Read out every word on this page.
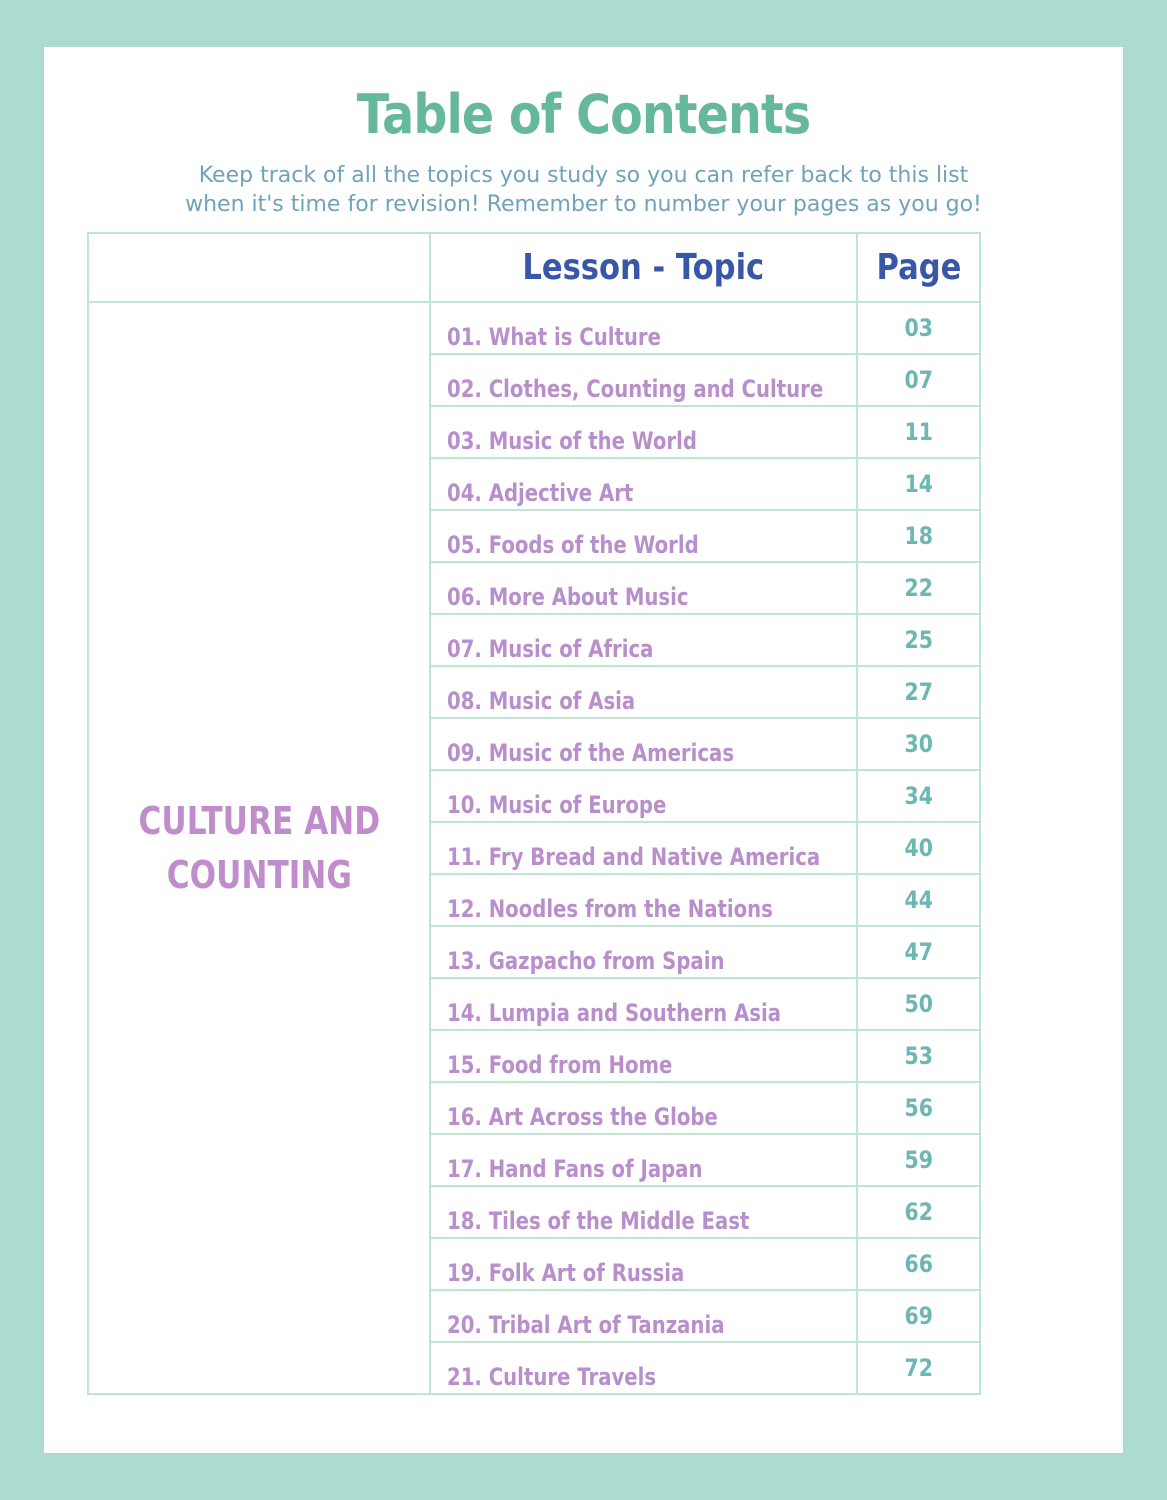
Table of Contents

Keep track of all the topics you study so you can refer back to this list
when it's time for revision! Remember to number your pages as you go!

	Lesson - Topic	Page
CULTURE AND
COUNTING	01. What is Culture	03
	02. Clothes, Counting and Culture	07
	03. Music of the World	11
	04. Adjective Art	14
	05. Foods of the World	18
	06. More About Music	22
	07. Music of Africa	25
	08. Music of Asia	27
	09. Music of the Americas	30
	10. Music of Europe	34
	11. Fry Bread and Native America	40
	12. Noodles from the Nations	44
	13. Gazpacho from Spain	47
	14. Lumpia and Southern Asia	50
	15. Food from Home	53
	16. Art Across the Globe	56
	17. Hand Fans of Japan	59
	18. Tiles of the Middle East	62
	19. Folk Art of Russia	66
	20. Tribal Art of Tanzania	69
	21. Culture Travels	72
